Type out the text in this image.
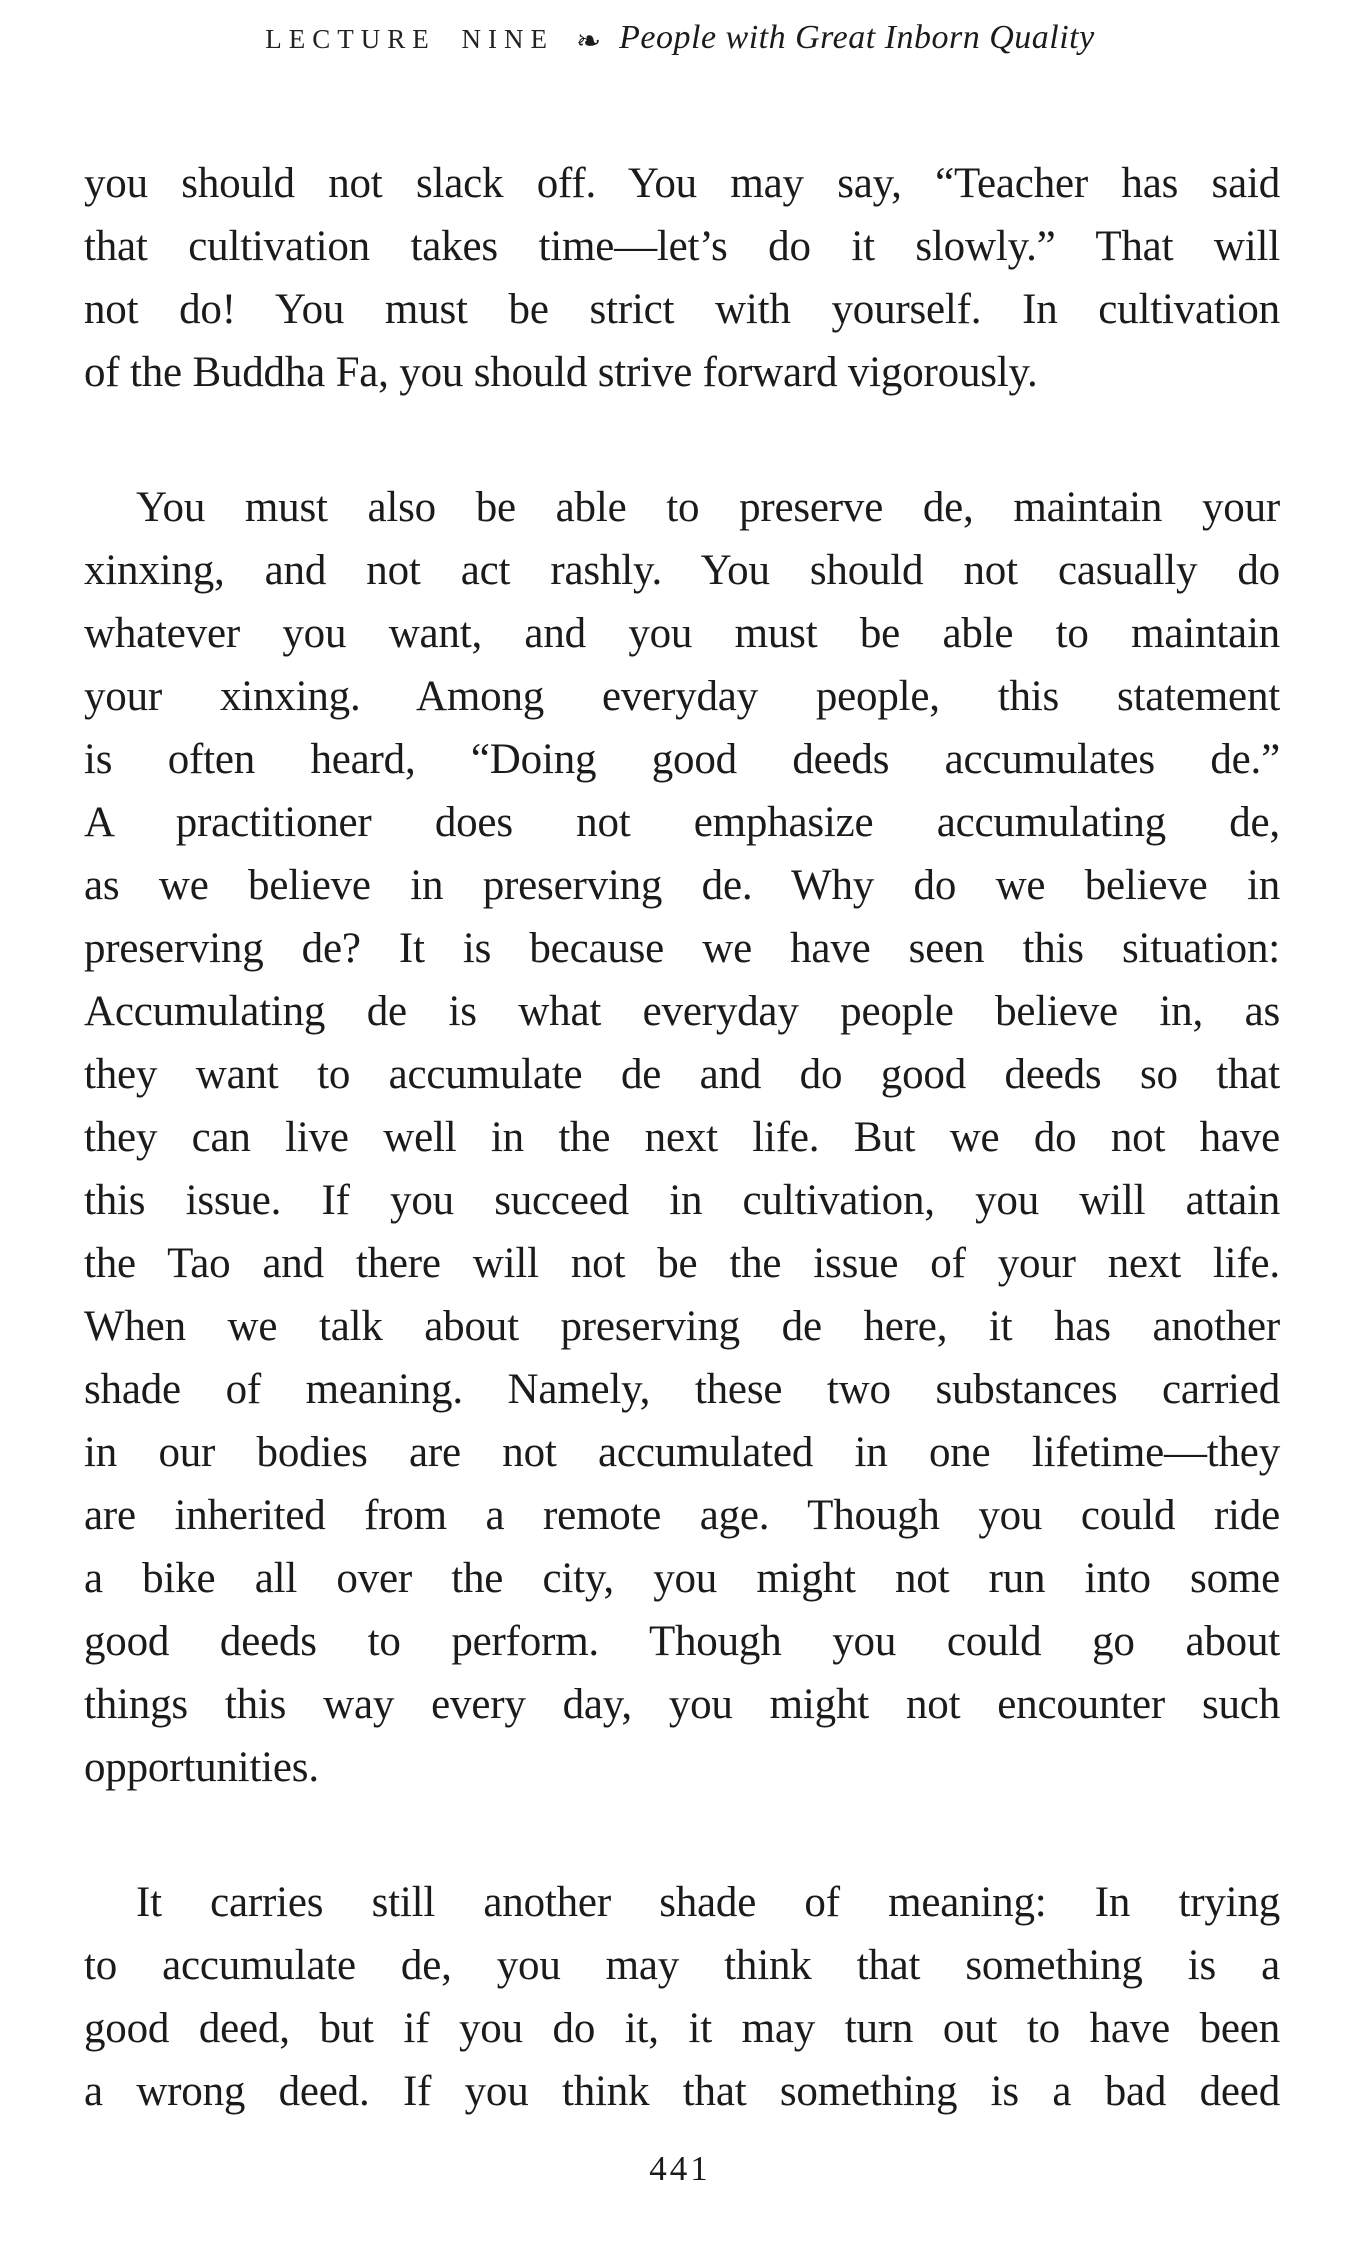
LECTURE NINE ❧ People with Great Inborn Quality
you should not slack off. You may say, “Teacher has said
that cultivation takes time—let’s do it slowly.” That will
not do! You must be strict with yourself. In cultivation
of the Buddha Fa, you should strive forward vigorously.
You must also be able to preserve de, maintain your
xinxing, and not act rashly. You should not casually do
whatever you want, and you must be able to maintain
your xinxing. Among everyday people, this statement
is often heard, “Doing good deeds accumulates de.”
A practitioner does not emphasize accumulating de,
as we believe in preserving de. Why do we believe in
preserving de? It is because we have seen this situation:
Accumulating de is what everyday people believe in, as
they want to accumulate de and do good deeds so that
they can live well in the next life. But we do not have
this issue. If you succeed in cultivation, you will attain
the Tao and there will not be the issue of your next life.
When we talk about preserving de here, it has another
shade of meaning. Namely, these two substances carried
in our bodies are not accumulated in one lifetime—they
are inherited from a remote age. Though you could ride
a bike all over the city, you might not run into some
good deeds to perform. Though you could go about
things this way every day, you might not encounter such
opportunities.
It carries still another shade of meaning: In trying
to accumulate de, you may think that something is a
good deed, but if you do it, it may turn out to have been
a wrong deed. If you think that something is a bad deed
441
